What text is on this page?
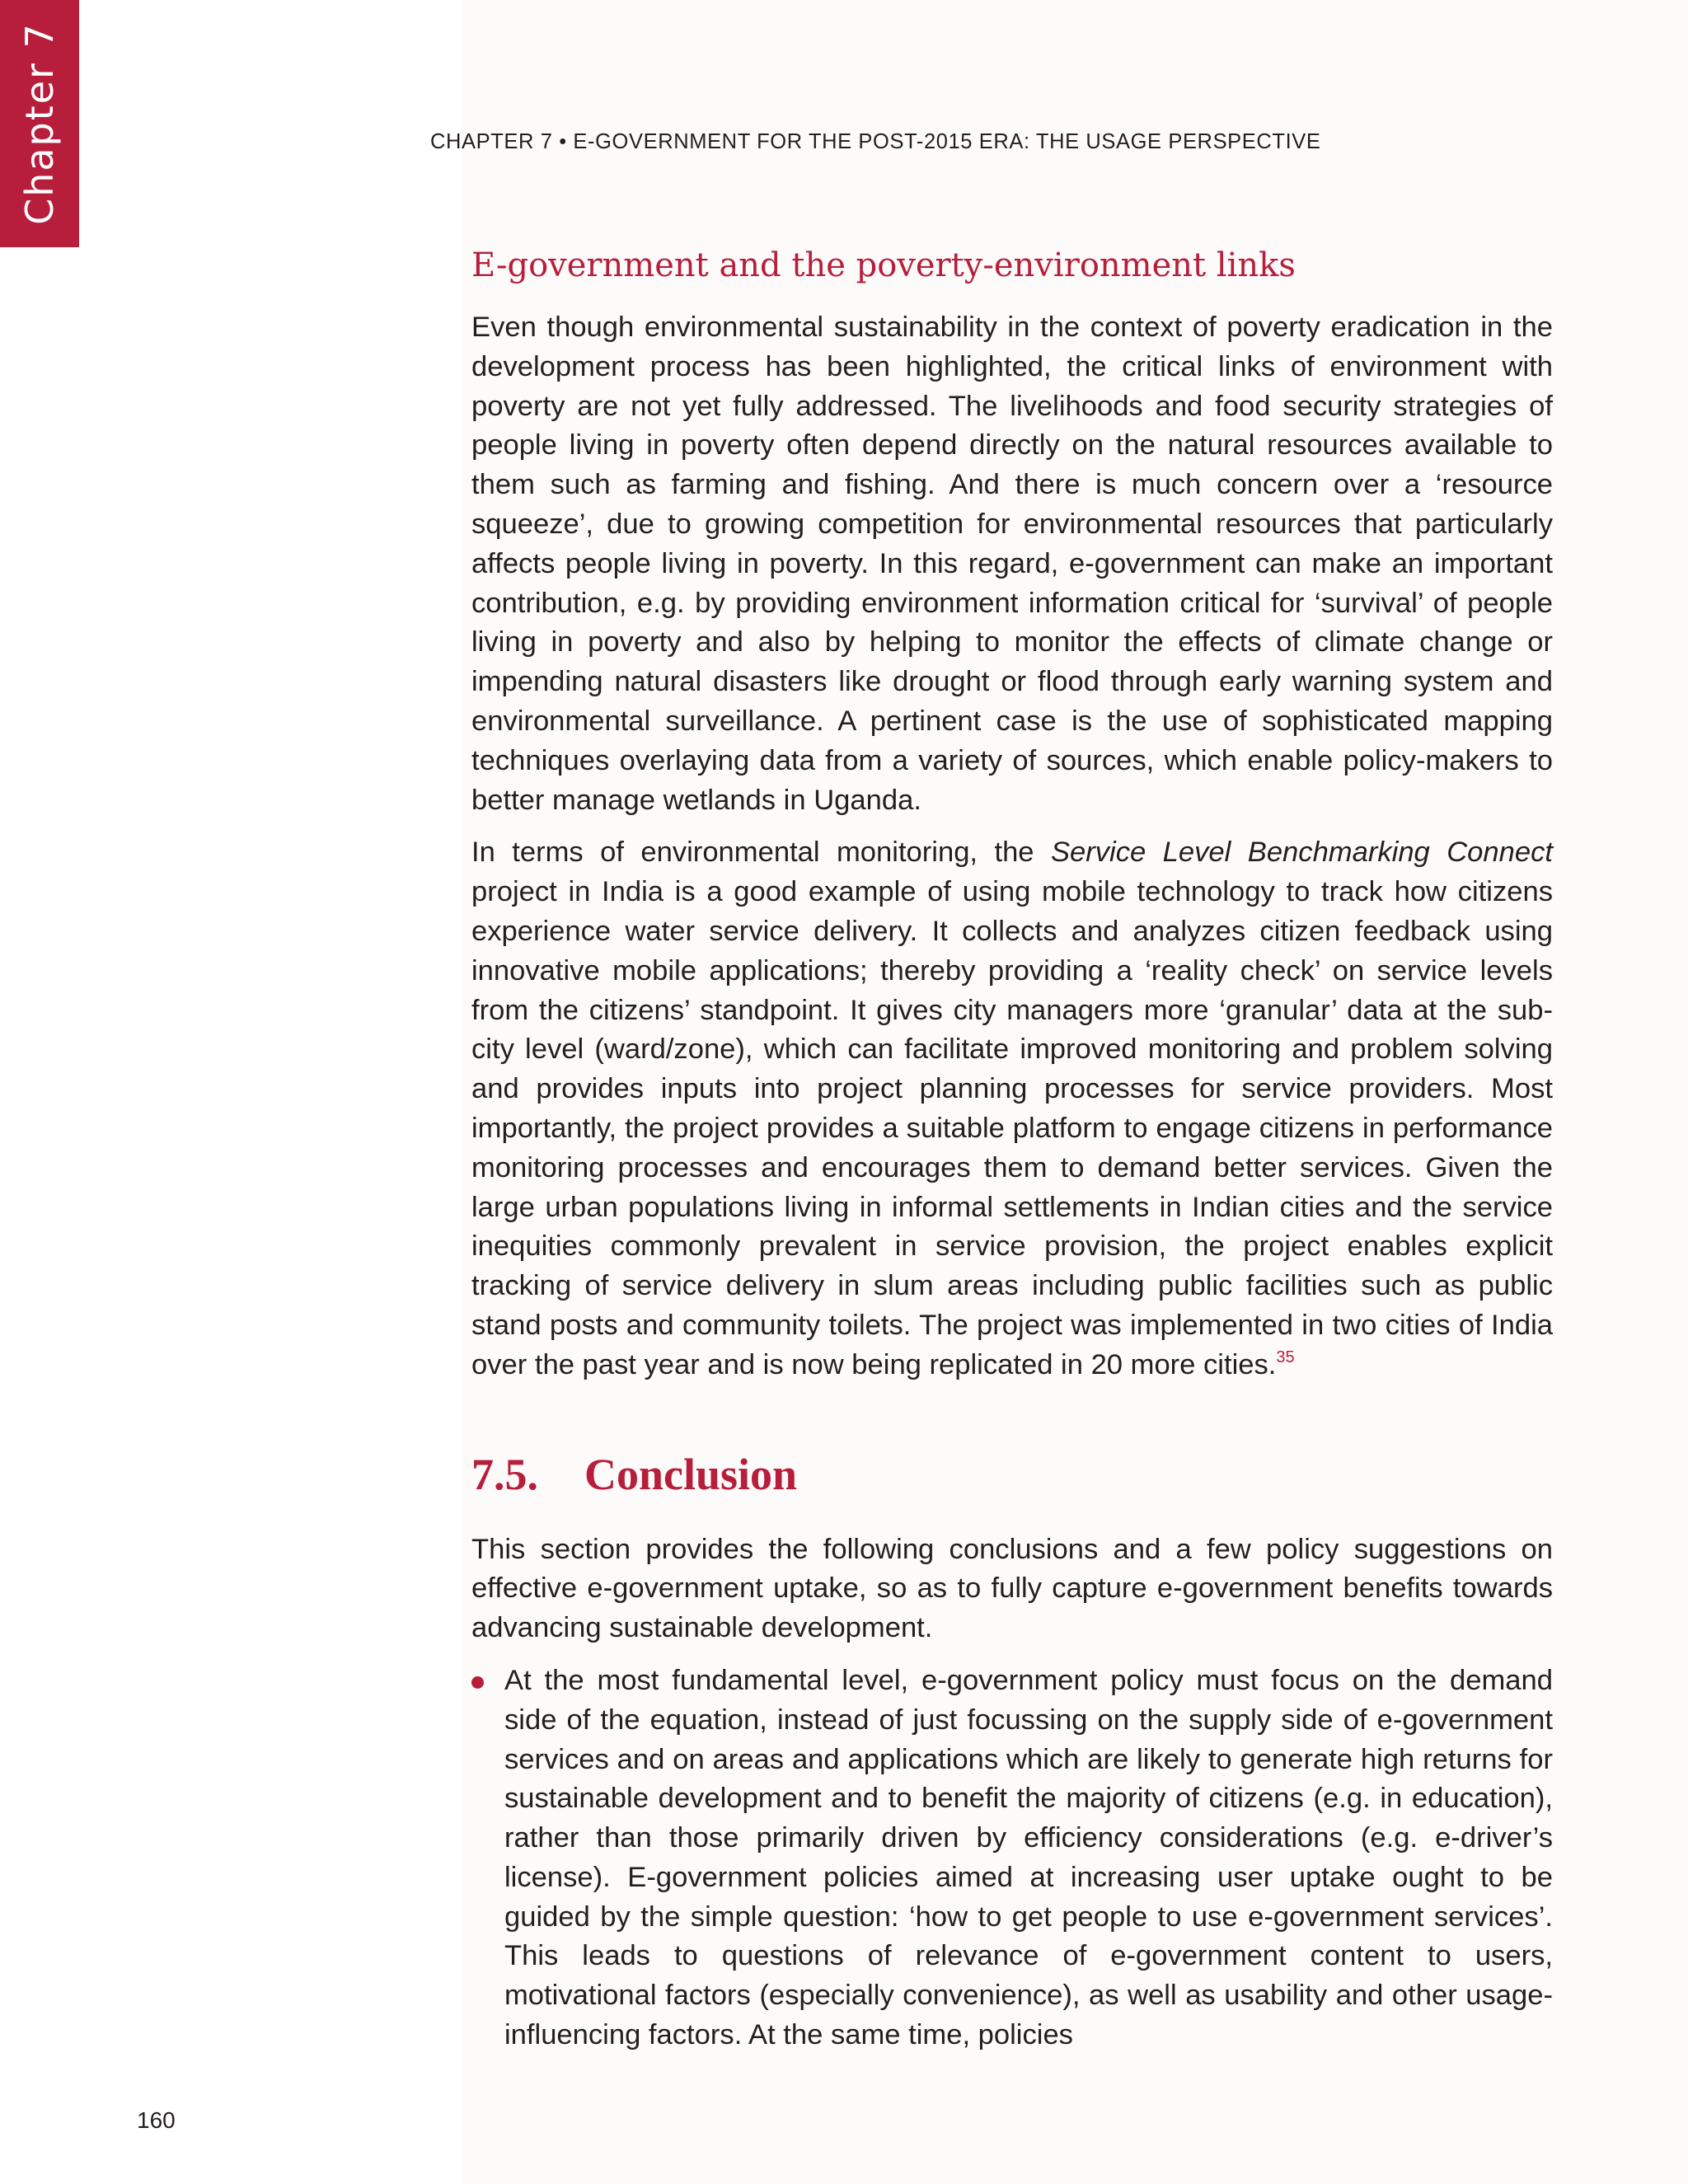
Chapter 7	CHAPTER 7 • E-GOVERNMENT FOR THE POST-2015 ERA: THE USAGE PERSPECTIVE
E-government and the poverty-environment links

Even though environmental sustainability in the context of poverty eradication in the development process has been highlighted, the critical links of environment with poverty are not yet fully addressed. The livelihoods and food security strategies of people living in poverty often depend directly on the natural resources available to them such as farming and fishing. And there is much concern over a ‘resource squeeze’, due to growing competition for environmental resources that particularly affects people living in poverty. In this regard, e-government can make an important contribution, e.g. by providing environment information critical for ‘survival’ of people living in poverty and also by helping to monitor the effects of climate change or impending natural disasters like drought or flood through early warning system and environmental surveillance. A pertinent case is the use of sophisticated mapping techniques overlaying data from a variety of sources, which enable policy-makers to better manage wetlands in Uganda.

In terms of environmental monitoring, the Service Level Benchmarking Connect project in India is a good example of using mobile technology to track how citizens experience water service delivery. It collects and analyzes citizen feedback using innovative mobile applications; thereby providing a ‘reality check’ on service levels from the citizens’ standpoint. It gives city managers more ‘granular’ data at the sub-city level (ward/zone), which can facilitate improved monitoring and problem solving and provides inputs into project planning processes for service providers. Most importantly, the project provides a suitable platform to engage citizens in performance monitoring processes and encourages them to demand better services. Given the large urban populations living in informal settlements in Indian cities and the service inequities commonly prevalent in service provision, the project enables explicit tracking of service delivery in slum areas including public facilities such as public stand posts and community toilets. The project was implemented in two cities of India over the past year and is now being replicated in 20 more cities.$^{35}$

7.5. Conclusion

This section provides the following conclusions and a few policy suggestions on effective e-government uptake, so as to fully capture e-government benefits towards advancing sustainable development.

At the most fundamental level, e-government policy must focus on the demand side of the equation, instead of just focussing on the supply side of e-government services and on areas and applications which are likely to generate high returns for sustainable development and to benefit the majority of citizens (e.g. in education), rather than those primarily driven by efficiency considerations (e.g. e-driver’s license). E-government policies aimed at increasing user uptake ought to be guided by the simple question: ‘how to get people to use e-government services’. This leads to questions of relevance of e-government content to users, motivational factors (especially convenience), as well as usability and other usage-influencing factors. At the same time, policies

160
